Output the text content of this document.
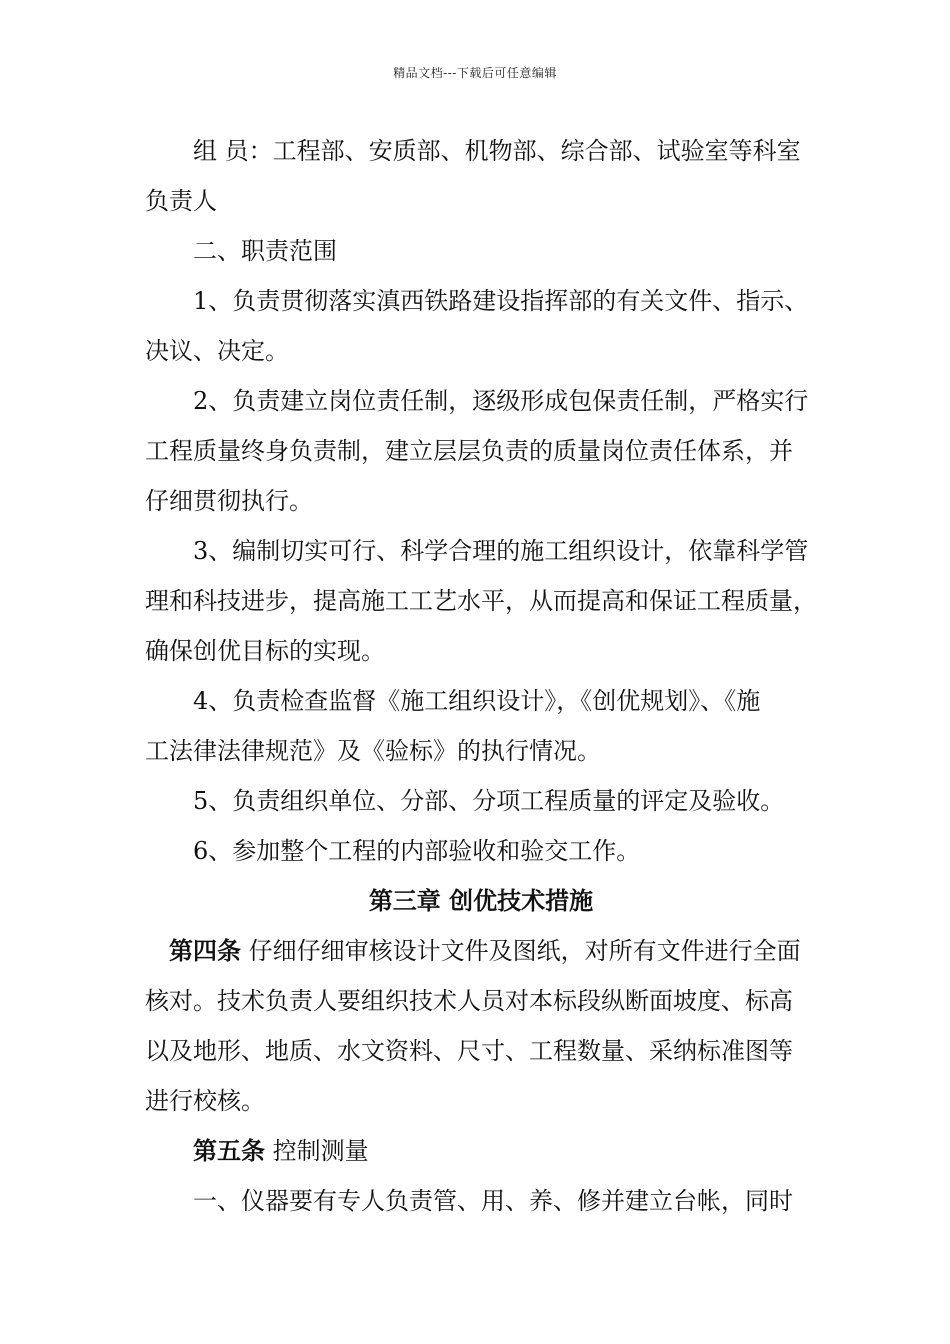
精品文档---下载后可任意编辑
组 员：工程部、安质部、机物部、综合部、试验室等科室
负责人
二、职责范围
1、负责贯彻落实滇西铁路建设指挥部的有关文件、指示、
决议、决定。
2、负责建立岗位责任制，逐级形成包保责任制，严格实行
工程质量终身负责制，建立层层负责的质量岗位责任体系，并
仔细贯彻执行。
3、编制切实可行、科学合理的施工组织设计，依靠科学管
理和科技进步，提高施工工艺水平，从而提高和保证工程质量，
确保创优目标的实现。
4、负责检查监督《施工组织设计》，《创优规划》、《施
工法律法律规范》及《验标》的执行情况。
5、负责组织单位、分部、分项工程质量的评定及验收。
6、参加整个工程的内部验收和验交工作。
第三章 创优技术措施
第四条 仔细仔细审核设计文件及图纸，对所有文件进行全面
核对。技术负责人要组织技术人员对本标段纵断面坡度、标高
以及地形、地质、水文资料、尺寸、工程数量、采纳标准图等
进行校核。
第五条 控制测量
一、仪器要有专人负责管、用、养、修并建立台帐，同时
